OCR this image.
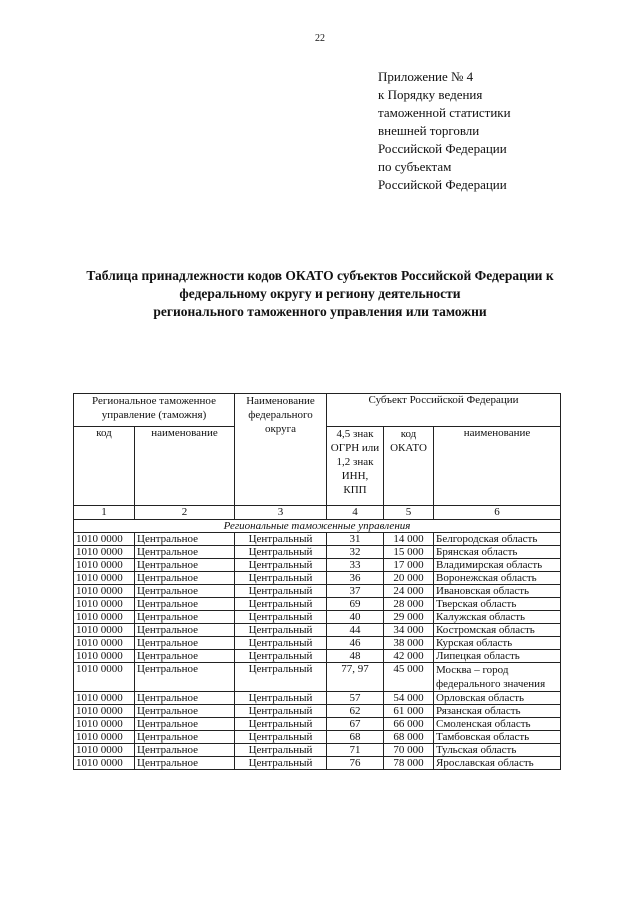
22
Приложение № 4
к Порядку ведения
таможенной статистики
внешней торговли
Российской Федерации
по субъектам
Российской Федерации
Таблица принадлежности кодов ОКАТО субъектов Российской Федерации к
федеральному округу и региону деятельности
регионального таможенного управления или таможни
Региональное таможенное управление (таможня)		Наименование федерального округа	Субъект Российской Федерации		
код	наименование		4,5 знак ОГРН или 1,2 знак ИНН, КПП	код ОКАТО	наименование
1	2	3	4	5	6
Региональные таможенные управления					
1010 0000	Центральное	Центральный	31	14 000	Белгородская область
1010 0000	Центральное	Центральный	32	15 000	Брянская область
1010 0000	Центральное	Центральный	33	17 000	Владимирская область
1010 0000	Центральное	Центральный	36	20 000	Воронежская область
1010 0000	Центральное	Центральный	37	24 000	Ивановская область
1010 0000	Центральное	Центральный	69	28 000	Тверская область
1010 0000	Центральное	Центральный	40	29 000	Калужская область
1010 0000	Центральное	Центральный	44	34 000	Костромская область
1010 0000	Центральное	Центральный	46	38 000	Курская область
1010 0000	Центральное	Центральный	48	42 000	Липецкая область
1010 0000	Центральное	Центральный	77, 97	45 000	Москва – город федерального значения
1010 0000	Центральное	Центральный	57	54 000	Орловская область
1010 0000	Центральное	Центральный	62	61 000	Рязанская область
1010 0000	Центральное	Центральный	67	66 000	Смоленская область
1010 0000	Центральное	Центральный	68	68 000	Тамбовская область
1010 0000	Центральное	Центральный	71	70 000	Тульская область
1010 0000	Центральное	Центральный	76	78 000	Ярославская область
